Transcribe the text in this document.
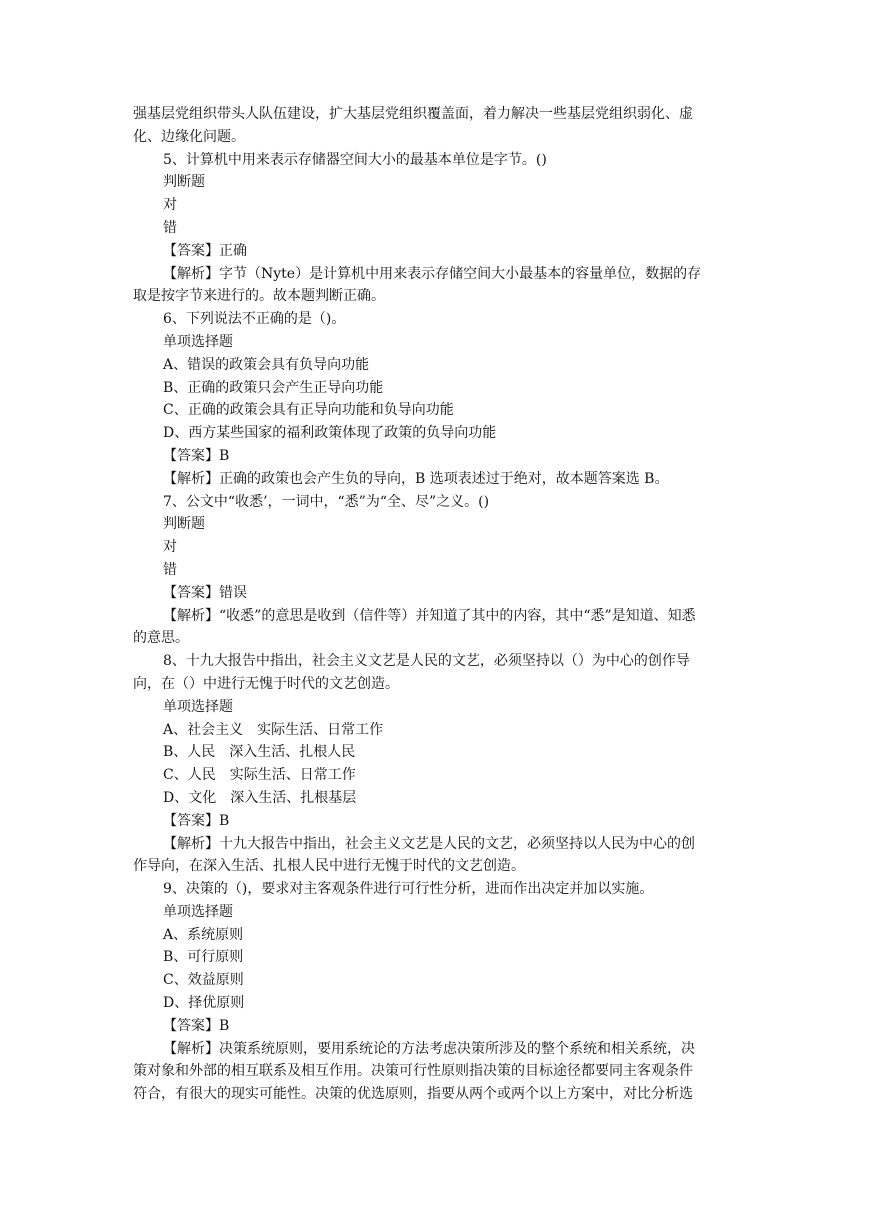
强基层党组织带头人队伍建设，扩大基层党组织覆盖面，着力解决一些基层党组织弱化、虚

化、边缘化问题。

5、计算机中用来表示存储器空间大小的最基本单位是字节。()

判断题

对

错

【答案】正确

【解析】字节（Nyte）是计算机中用来表示存储空间大小最基本的容量单位，数据的存

取是按字节来进行的。故本题判断正确。

6、下列说法不正确的是（)。

单项选择题

A、错误的政策会具有负导向功能

B、正确的政策只会产生正导向功能

C、正确的政策会具有正导向功能和负导向功能

D、西方某些国家的福利政策体现了政策的负导向功能

【答案】B

【解析】正确的政策也会产生负的导向，B 选项表述过于绝对，故本题答案选 B。

7、公文中“收悉’，一词中，“悉”为“全、尽”之义。()

判断题

对

错

【答案】错误

【解析】“收悉”的意思是收到（信件等）并知道了其中的内容，其中“悉”是知道、知悉

的意思。

8、十九大报告中指出，社会主义文艺是人民的文艺，必须坚持以（）为中心的创作导

向，在（）中进行无愧于时代的文艺创造。

单项选择题

A、社会主义　实际生活、日常工作

B、人民　深入生活、扎根人民

C、人民　实际生活、日常工作

D、文化　深入生活、扎根基层

【答案】B

【解析】十九大报告中指出，社会主义文艺是人民的文艺，必须坚持以人民为中心的创

作导向，在深入生活、扎根人民中进行无愧于时代的文艺创造。

9、决策的（)，要求对主客观条件进行可行性分析，进而作出决定并加以实施。

单项选择题

A、系统原则

B、可行原则

C、效益原则

D、择优原则

【答案】B

【解析】决策系统原则，要用系统论的方法考虑决策所涉及的整个系统和相关系统，决

策对象和外部的相互联系及相互作用。决策可行性原则指决策的目标途径都要同主客观条件

符合，有很大的现实可能性。决策的优选原则，指要从两个或两个以上方案中，对比分析选
